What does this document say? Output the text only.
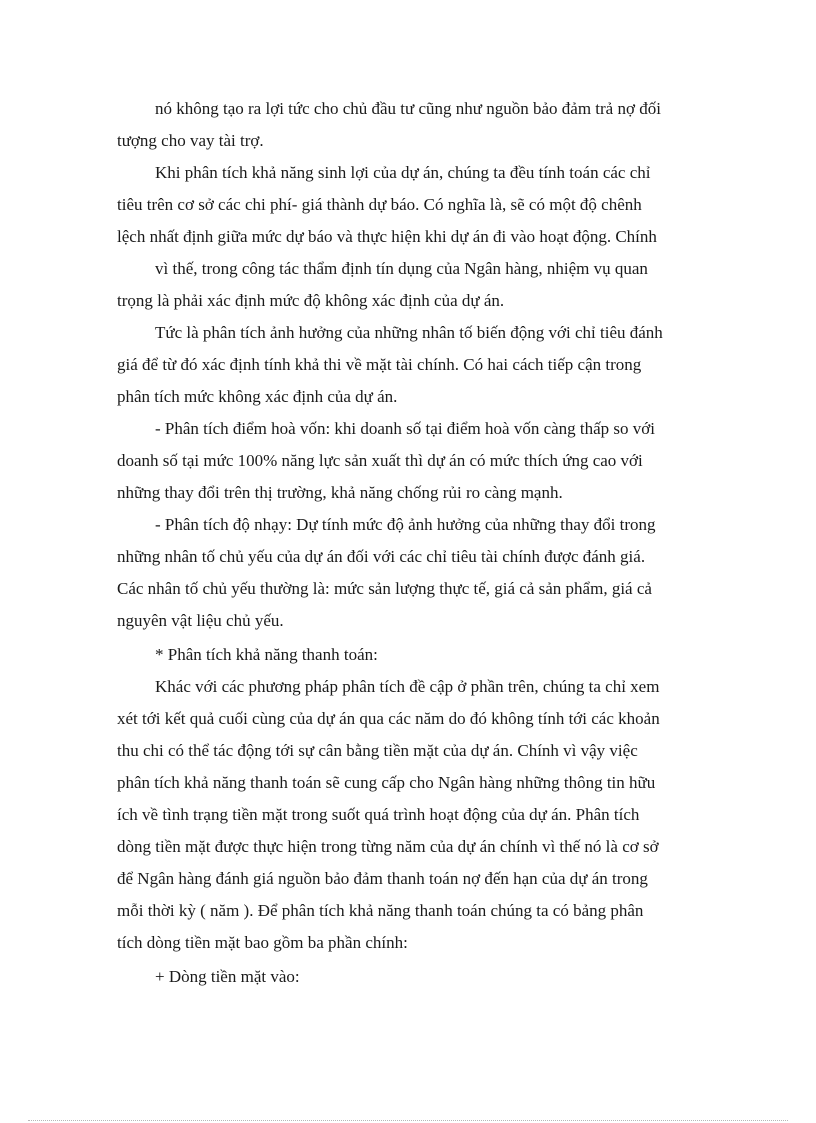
nó không tạo ra lợi tức cho chủ đầu tư cũng như nguồn bảo đảm trả nợ đối
tượng cho vay tài trợ.
Khi phân tích khả năng sinh lợi của dự án, chúng ta đều tính toán các chỉ
tiêu trên cơ sở các chi phí- giá thành dự báo. Có nghĩa là, sẽ có một độ chênh
lệch nhất định giữa mức dự báo và thực hiện khi dự án đi vào hoạt động. Chính
vì thế, trong công tác thẩm định tín dụng của Ngân hàng, nhiệm vụ quan
trọng là phải xác định mức độ không xác định của dự án.
Tức là phân tích ảnh hưởng của những nhân tố biến động với chỉ tiêu đánh
giá để từ đó xác định tính khả thi về mặt tài chính. Có hai cách tiếp cận trong
phân tích mức không xác định của dự án.
- Phân tích điểm hoà vốn: khi doanh số tại điểm hoà vốn càng thấp so với
doanh số tại mức 100% năng lực sản xuất thì dự án có mức thích ứng cao với
những thay đổi trên thị trường, khả năng chống rủi ro càng mạnh.
- Phân tích độ nhạy: Dự tính mức độ ảnh hưởng của những thay đổi trong
những nhân tố chủ yếu của dự án đối với các chỉ tiêu tài chính được đánh giá.
Các nhân tố chủ yếu thường là: mức sản lượng thực tế, giá cả sản phẩm, giá cả
nguyên vật liệu chủ yếu.
* Phân tích khả năng thanh toán:
Khác với các phương pháp phân tích đề cập ở phần trên, chúng ta chỉ xem
xét tới kết quả cuối cùng của dự án qua các năm do đó không tính tới các khoản
thu chi có thể tác động tới sự cân bằng tiền mặt của dự án. Chính vì vậy việc
phân tích khả năng thanh toán sẽ cung cấp cho Ngân hàng những thông tin hữu
ích về tình trạng tiền mặt trong suốt quá trình hoạt động của dự án. Phân tích
dòng tiền mặt được thực hiện trong từng năm của dự án chính vì thế nó là cơ sở
để Ngân hàng đánh giá nguồn bảo đảm thanh toán nợ đến hạn của dự án trong
mỗi thời kỳ ( năm ). Để phân tích khả năng thanh toán chúng ta có bảng phân
tích dòng tiền mặt bao gồm ba phần chính:
+ Dòng tiền mặt vào:
